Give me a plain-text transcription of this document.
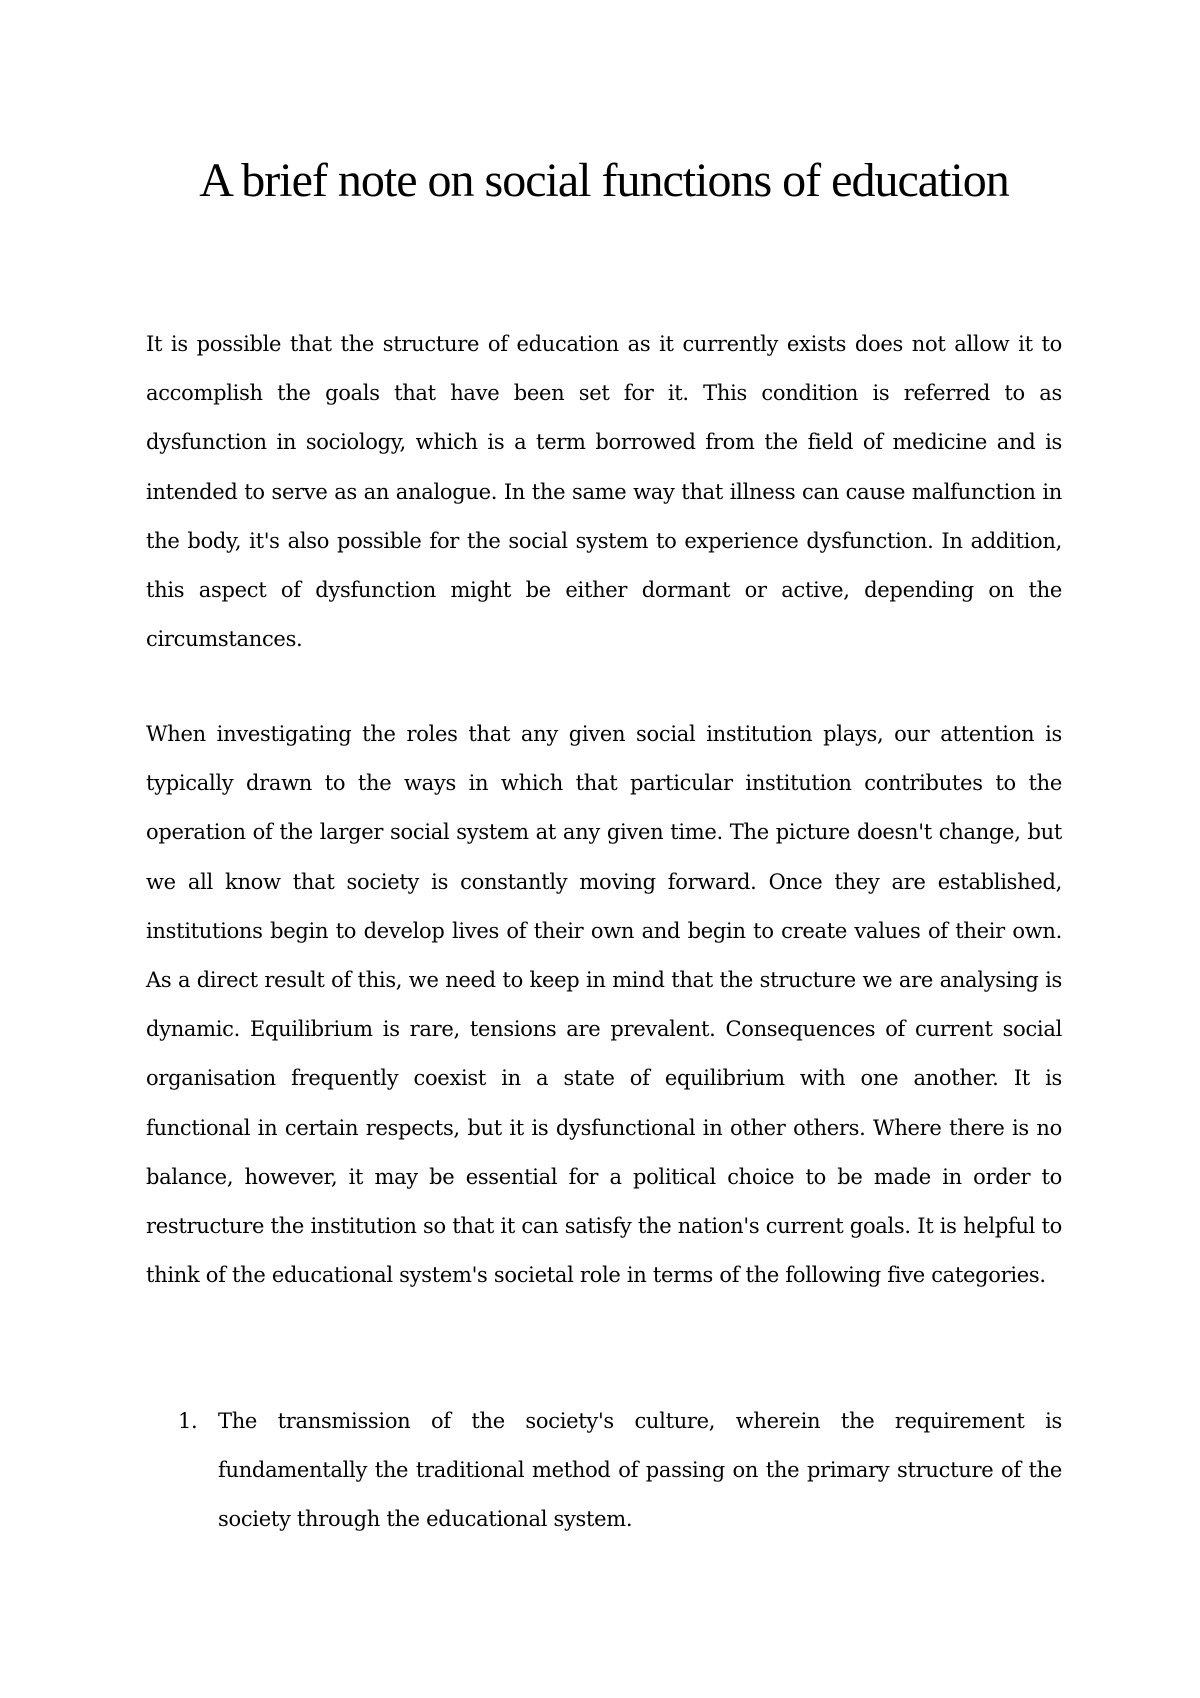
A brief note on social functions of education

It is possible that the structure of education as it currently exists does not allow it to accomplish the goals that have been set for it. This condition is referred to as dysfunction in sociology, which is a term borrowed from the field of medicine and is intended to serve as an analogue. In the same way that illness can cause malfunction in the body, it's also possible for the social system to experience dysfunction. In addition, this aspect of dysfunction might be either dormant or active, depending on the circumstances.

When investigating the roles that any given social institution plays, our attention is typically drawn to the ways in which that particular institution contributes to the operation of the larger social system at any given time. The picture doesn't change, but we all know that society is constantly moving forward. Once they are established, institutions begin to develop lives of their own and begin to create values of their own. As a direct result of this, we need to keep in mind that the structure we are analysing is dynamic. Equilibrium is rare, tensions are prevalent. Consequences of current social organisation frequently coexist in a state of equilibrium with one another. It is functional in certain respects, but it is dysfunctional in other others. Where there is no balance, however, it may be essential for a political choice to be made in order to restructure the institution so that it can satisfy the nation's current goals. It is helpful to think of the educational system's societal role in terms of the following five categories.

1. The transmission of the society's culture, wherein the requirement is fundamentally the traditional method of passing on the primary structure of the society through the educational system.
